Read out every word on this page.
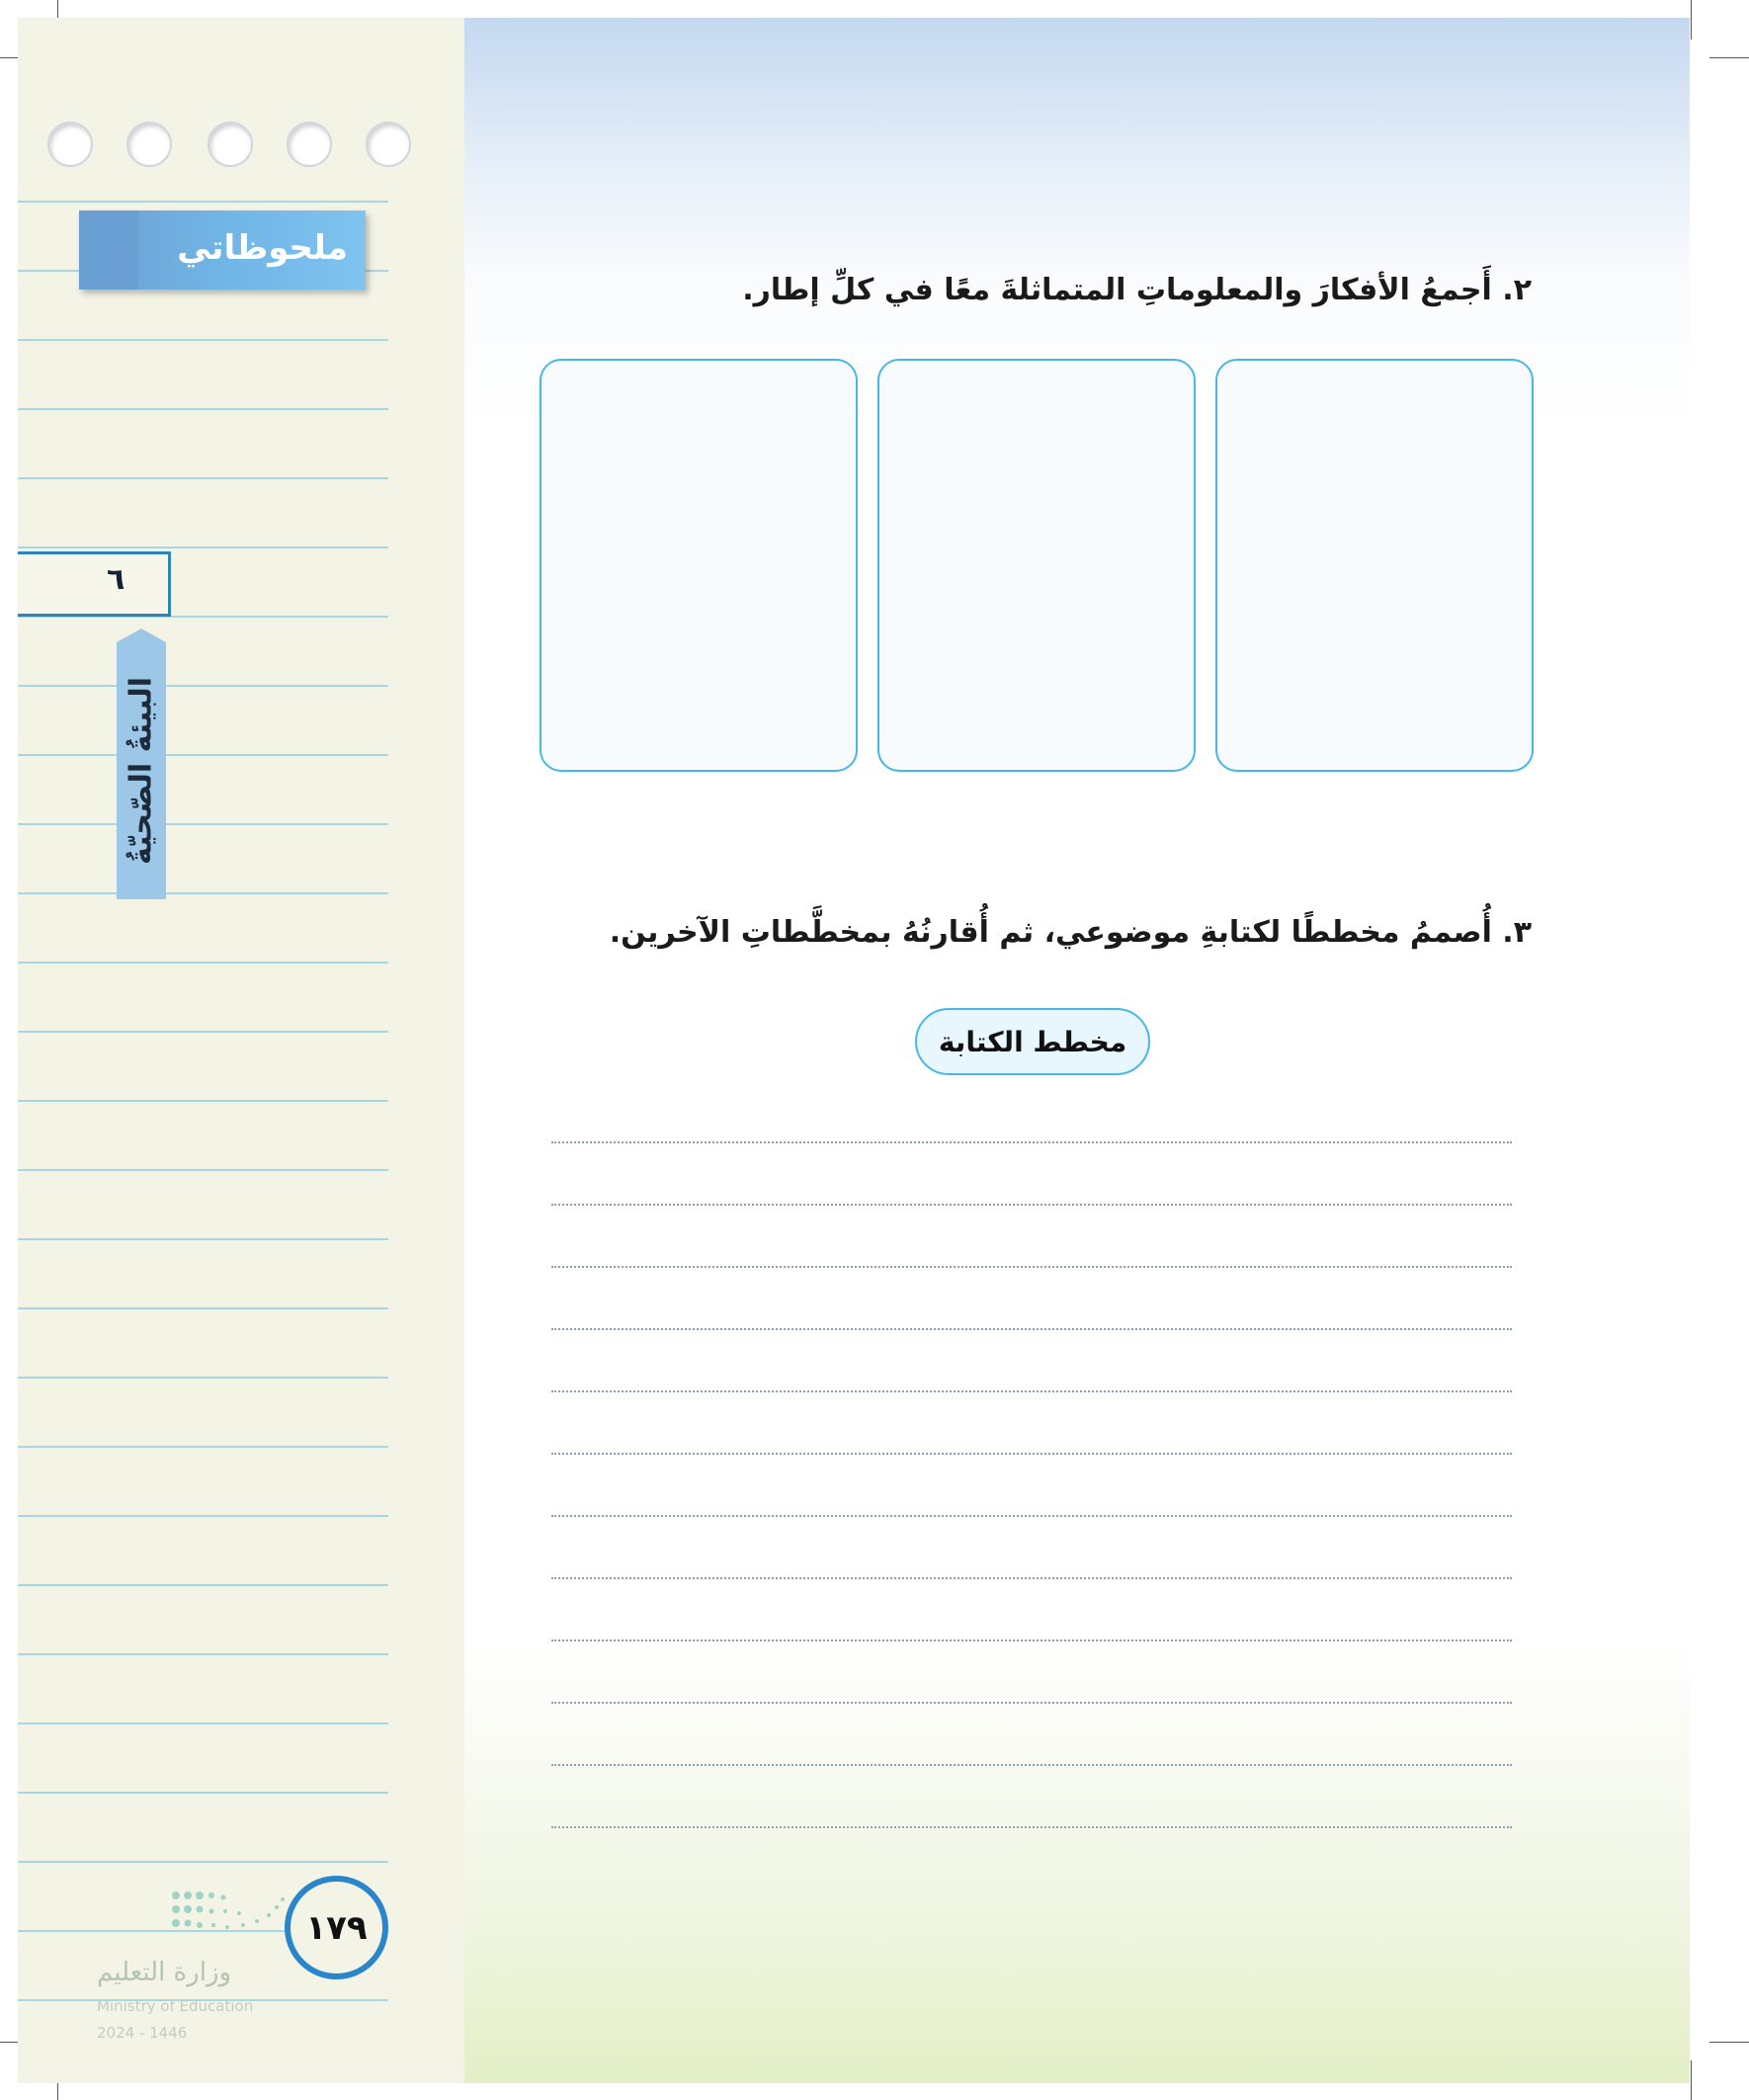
ملحوظاتي
٦
البيئةُ الصّحيّةُ
١٧٩
وزارة التعليم
Ministry of Education
2024 - 1446
٢. أَجمعُ الأفكارَ والمعلوماتِ المتماثلةَ معًا في كلِّ إطار.
٣. أُصممُ مخططًا لكتابةِ موضوعي، ثم أُقارنُهُ بمخطَّطاتِ الآخرين.
مخطط الكتابة
